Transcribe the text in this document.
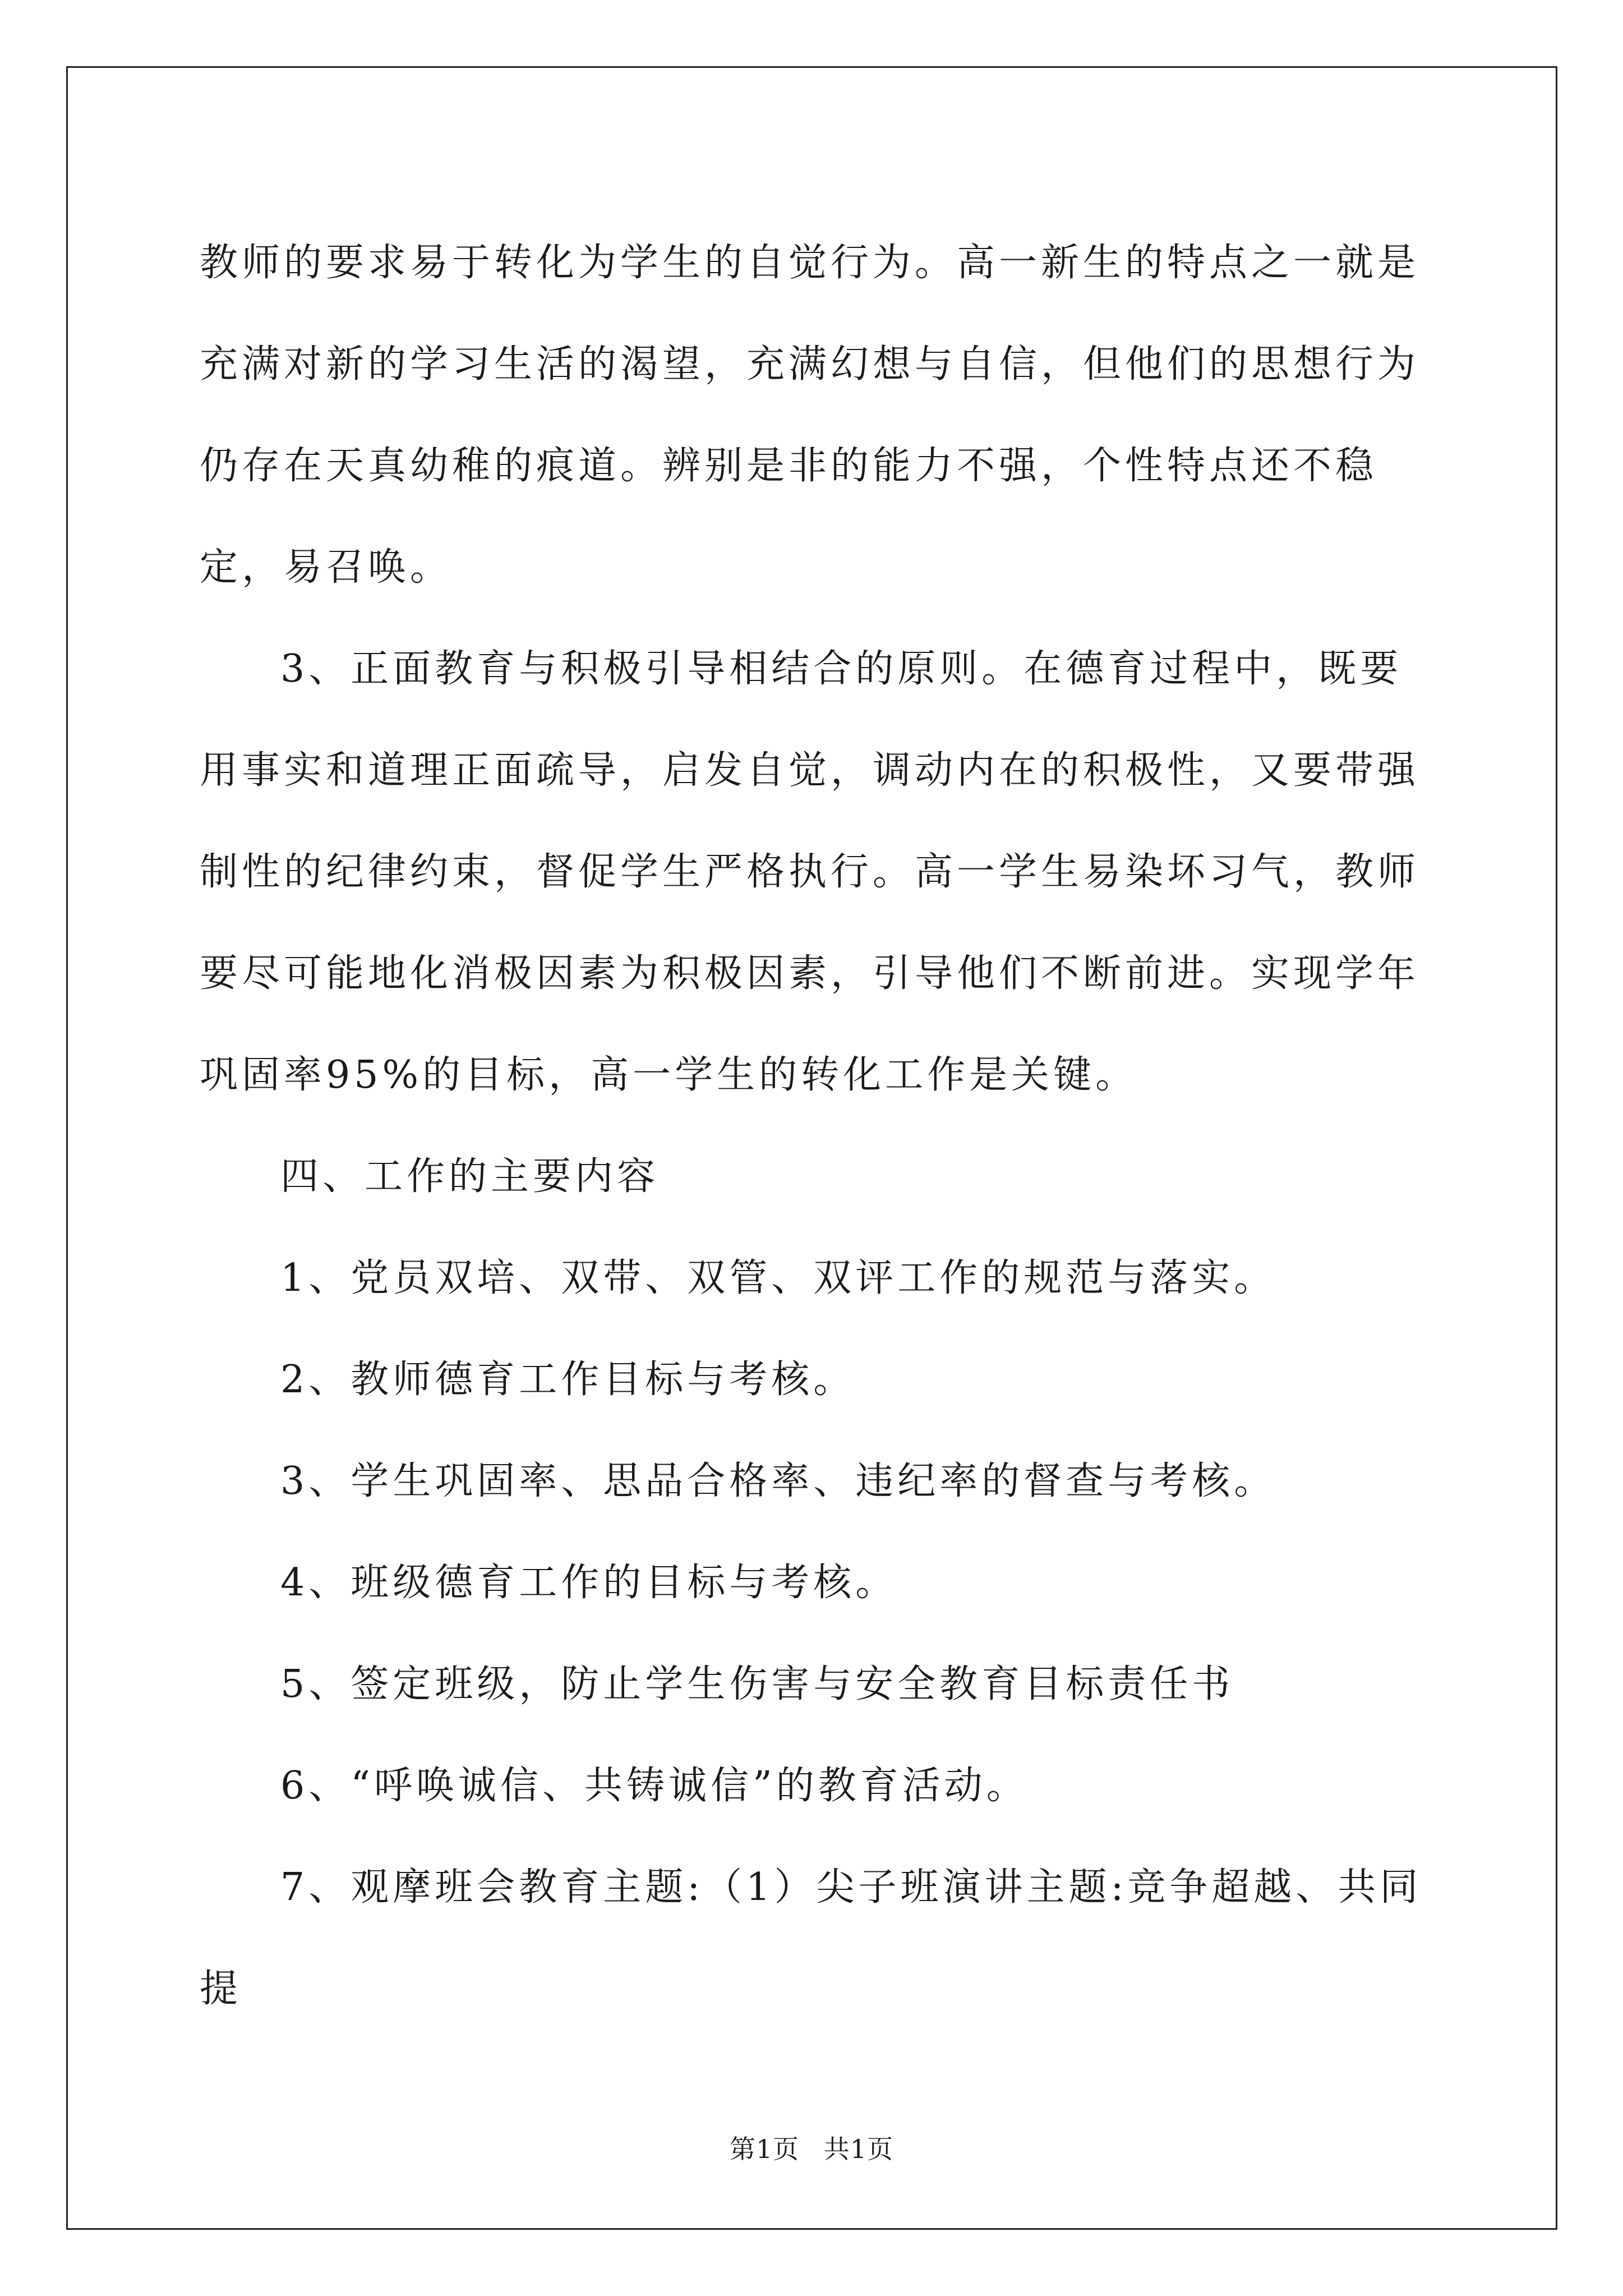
教师的要求易于转化为学生的自觉行为。高一新生的特点之一就是充满对新的学习生活的渴望，充满幻想与自信，但他们的思想行为仍存在天真幼稚的痕道。辨别是非的能力不强，个性特点还不稳定，易召唤。

3、正面教育与积极引导相结合的原则。在德育过程中，既要用事实和道理正面疏导，启发自觉，调动内在的积极性，又要带强制性的纪律约束，督促学生严格执行。高一学生易染坏习气，教师要尽可能地化消极因素为积极因素，引导他们不断前进。实现学年巩固率95%的目标，高一学生的转化工作是关键。

四、工作的主要内容

1、党员双培、双带、双管、双评工作的规范与落实。

2、教师德育工作目标与考核。

3、学生巩固率、思品合格率、违纪率的督查与考核。

4、班级德育工作的目标与考核。

5、签定班级，防止学生伤害与安全教育目标责任书

6、“呼唤诚信、共铸诚信”的教育活动。

7、观摩班会教育主题:（1）尖子班演讲主题:竞争超越、共同提

第1页 共1页
